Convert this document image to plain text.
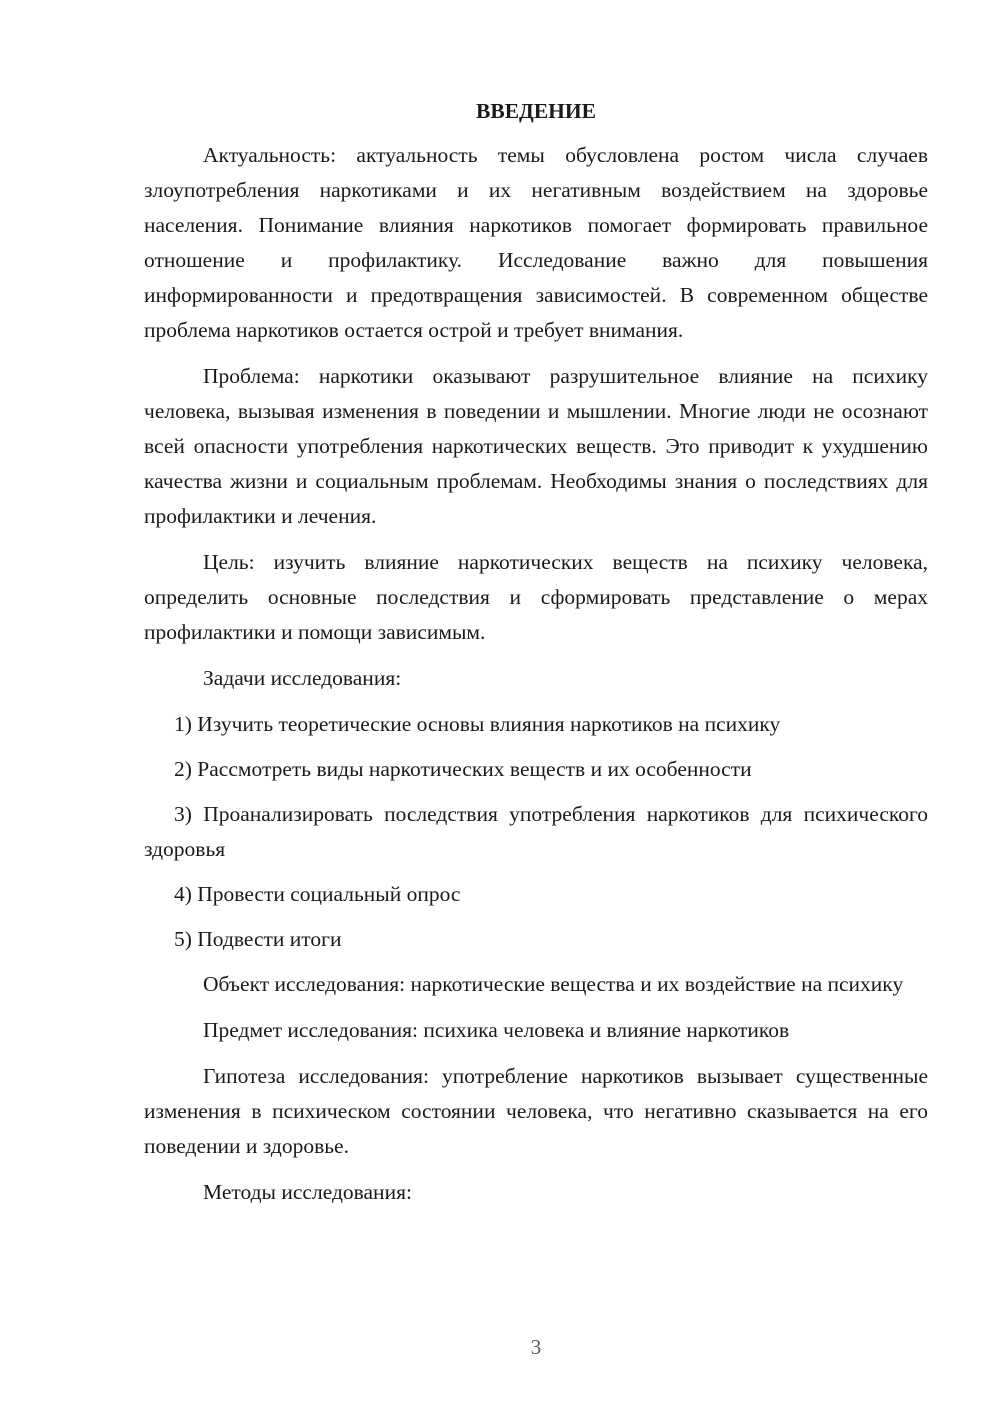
ВВЕДЕНИЕ

Актуальность: актуальность темы обусловлена ростом числа случаев злоупотребления наркотиками и их негативным воздействием на здоровье населения. Понимание влияния наркотиков помогает формировать правильное отношение и профилактику. Исследование важно для повышения информированности и предотвращения зависимостей. В современном обществе проблема наркотиков остается острой и требует внимания.

Проблема: наркотики оказывают разрушительное влияние на психику человека, вызывая изменения в поведении и мышлении. Многие люди не осознают всей опасности употребления наркотических веществ. Это приводит к ухудшению качества жизни и социальным проблемам. Необходимы знания о последствиях для профилактики и лечения.

Цель: изучить влияние наркотических веществ на психику человека, определить основные последствия и сформировать представление о мерах профилактики и помощи зависимым.

Задачи исследования:

1) Изучить теоретические основы влияния наркотиков на психику

2) Рассмотреть виды наркотических веществ и их особенности

3) Проанализировать последствия употребления наркотиков для психического здоровья

4) Провести социальный опрос

5) Подвести итоги

Объект исследования: наркотические вещества и их воздействие на психику

Предмет исследования: психика человека и влияние наркотиков

Гипотеза исследования: употребление наркотиков вызывает существенные изменения в психическом состоянии человека, что негативно сказывается на его поведении и здоровье.

Методы исследования:

3
